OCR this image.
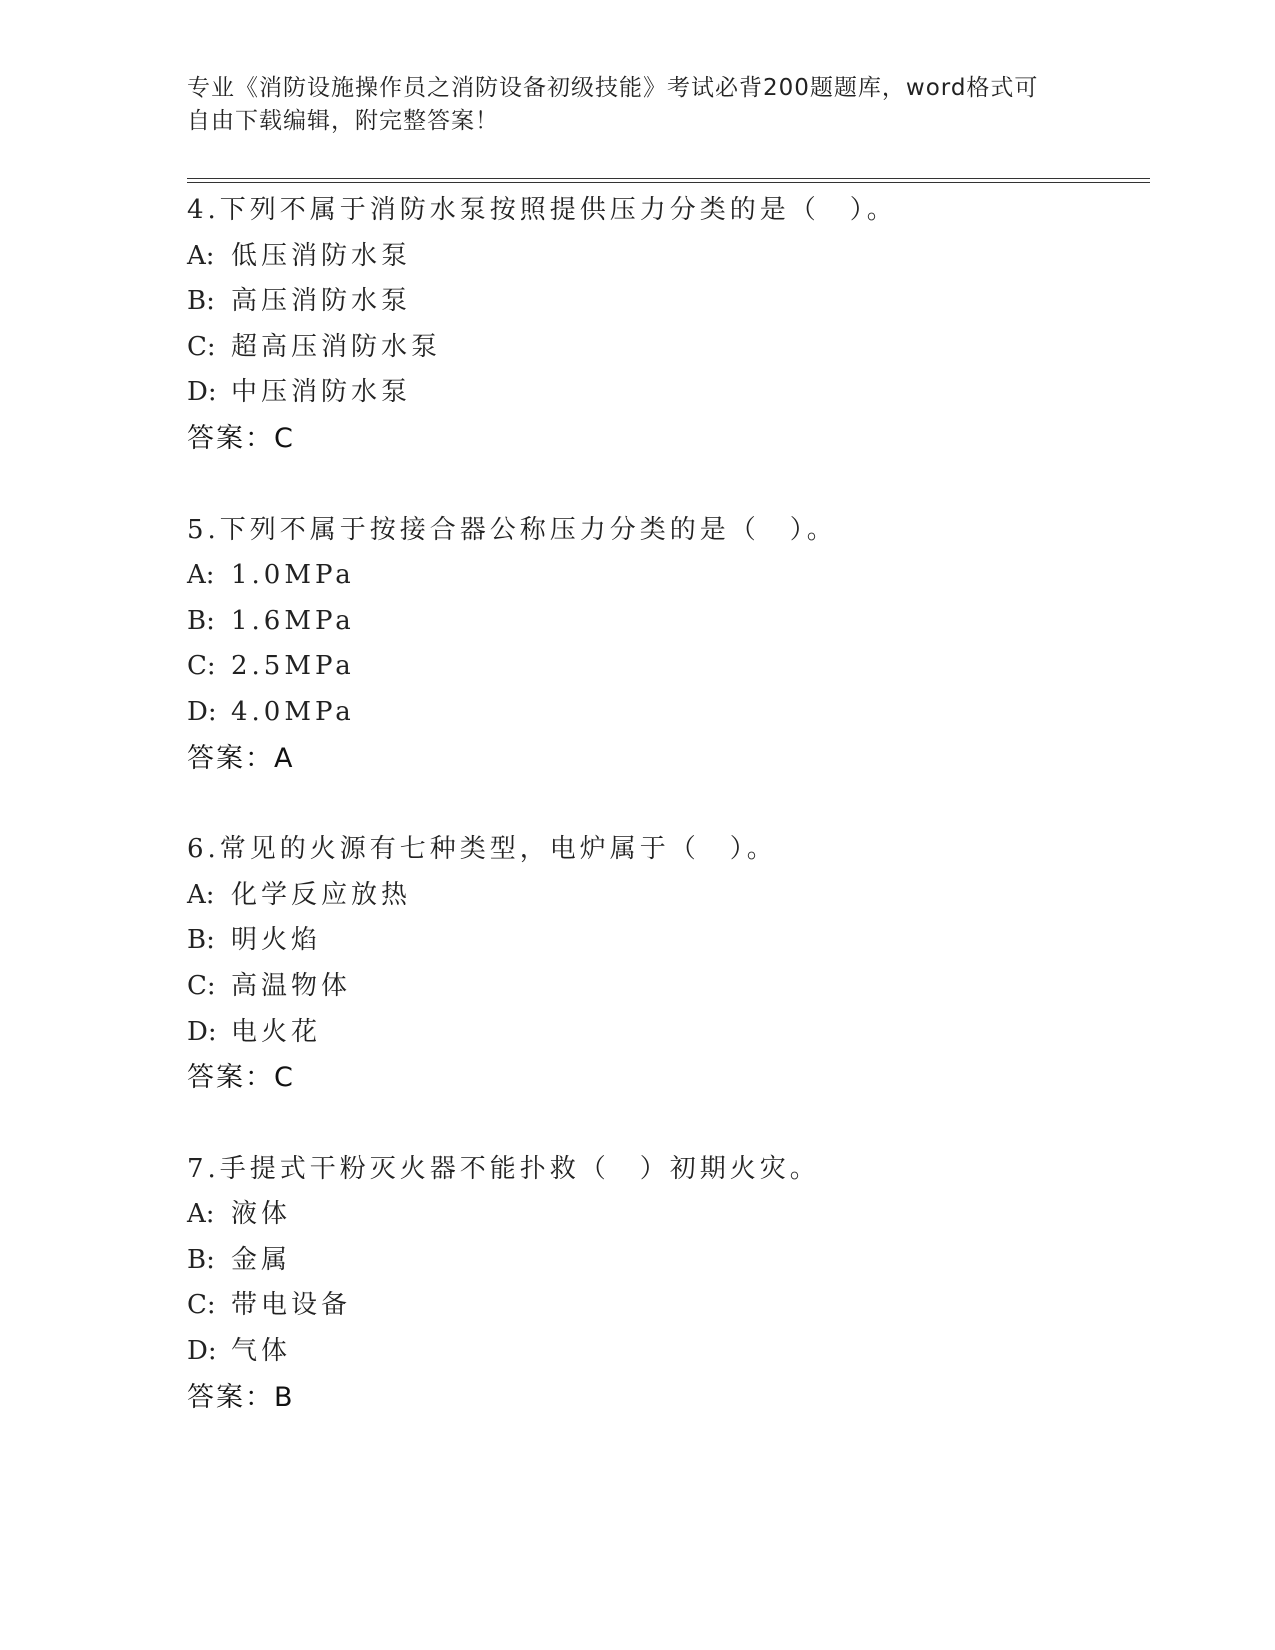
专业《消防设施操作员之消防设备初级技能》考试必背200题题库，word格式可
自由下载编辑，附完整答案！
4.下列不属于消防水泵按照提供压力分类的是（　）。
A: 低压消防水泵
B: 高压消防水泵
C: 超高压消防水泵
D: 中压消防水泵
答案：C
5.下列不属于按接合器公称压力分类的是（　）。
A: 1.0MPa
B: 1.6MPa
C: 2.5MPa
D: 4.0MPa
答案：A
6.常见的火源有七种类型，电炉属于（　）。
A: 化学反应放热
B: 明火焰
C: 高温物体
D: 电火花
答案：C
7.手提式干粉灭火器不能扑救（　）初期火灾。
A: 液体
B: 金属
C: 带电设备
D: 气体
答案：B
